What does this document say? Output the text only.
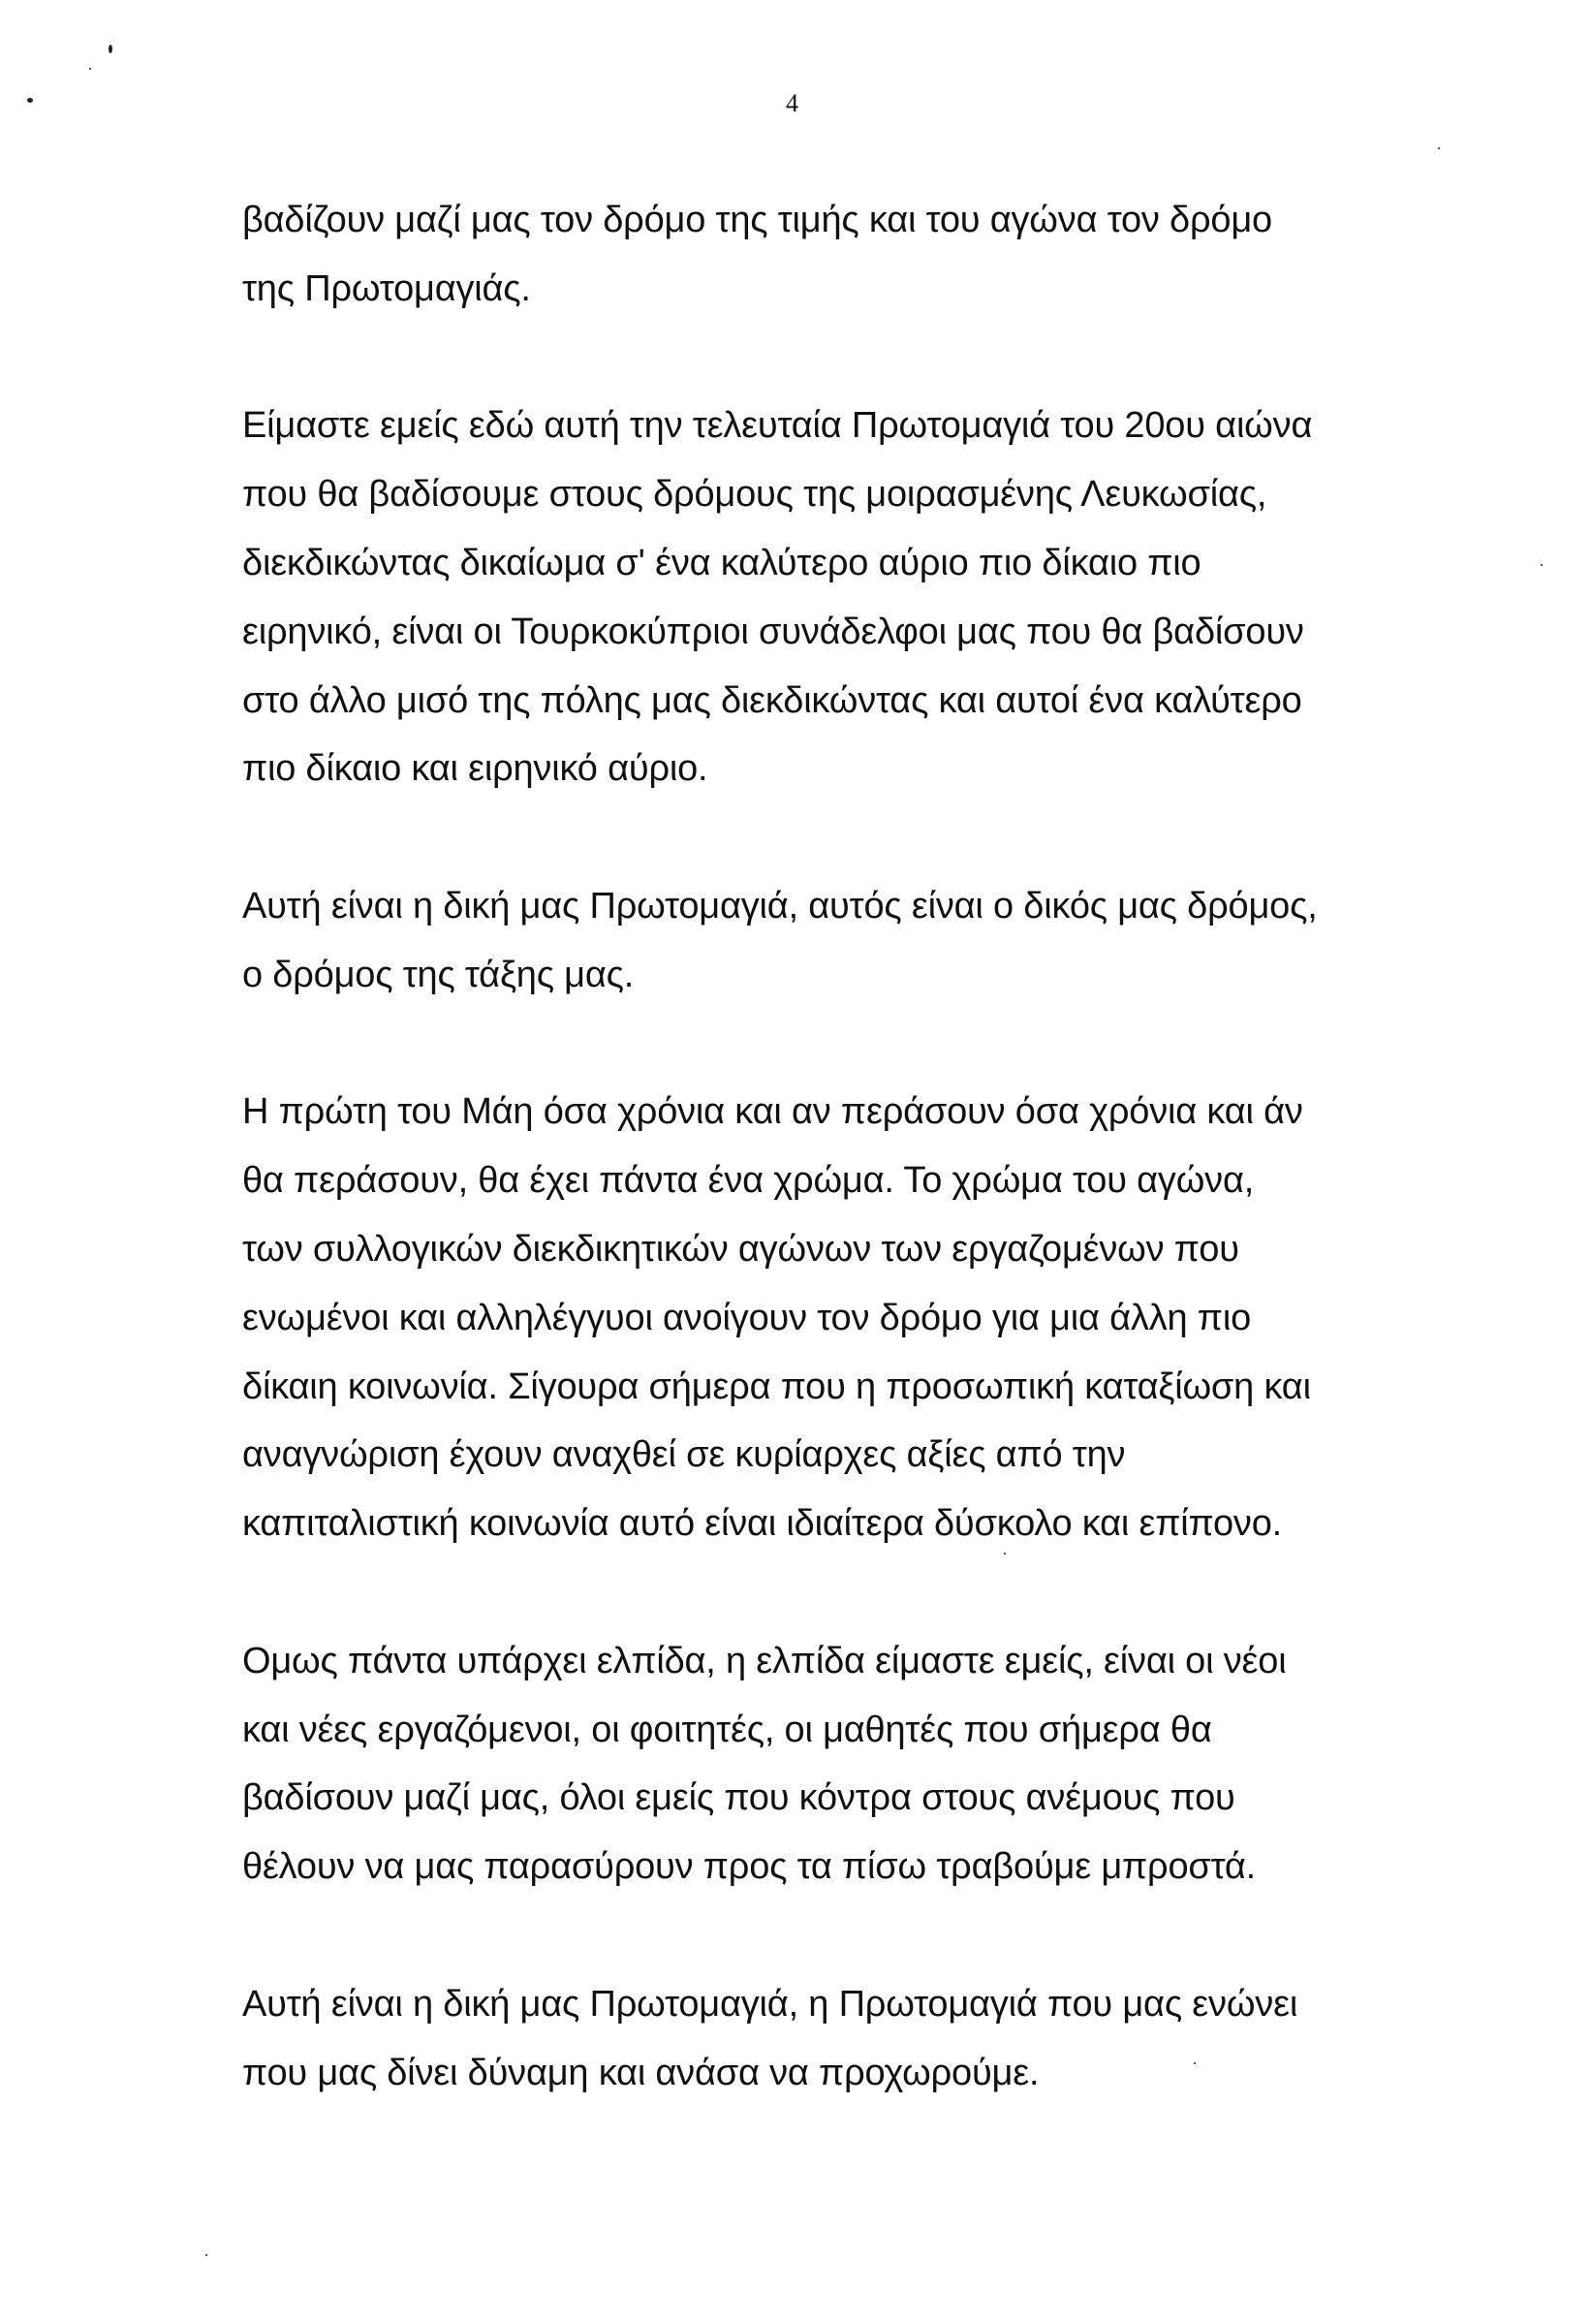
4
βαδίζουν μαζί μας τον δρόμο της τιμής και του αγώνα τον δρόμο
της Πρωτομαγιάς.
Είμαστε εμείς εδώ αυτή την τελευταία Πρωτομαγιά του 20ου αιώνα
που θα βαδίσουμε στους δρόμους της μοιρασμένης Λευκωσίας,
διεκδικώντας δικαίωμα σ' ένα καλύτερο αύριο πιο δίκαιο πιο
ειρηνικό, είναι οι Τουρκοκύπριοι συνάδελφοι μας που θα βαδίσουν
στο άλλο μισό της πόλης μας διεκδικώντας και αυτοί ένα καλύτερο
πιο δίκαιο και ειρηνικό αύριο.
Αυτή είναι η δική μας Πρωτομαγιά, αυτός είναι ο δικός μας δρόμος,
ο δρόμος της τάξης μας.
Η πρώτη του Μάη όσα χρόνια και αν περάσουν όσα χρόνια και άν
θα περάσουν, θα έχει πάντα ένα χρώμα. Το χρώμα του αγώνα,
των συλλογικών διεκδικητικών αγώνων των εργαζομένων που
ενωμένοι και αλληλέγγυοι ανοίγουν τον δρόμο για μια άλλη πιο
δίκαιη κοινωνία. Σίγουρα σήμερα που η προσωπική καταξίωση και
αναγνώριση έχουν αναχθεί σε κυρίαρχες αξίες από την
καπιταλιστική κοινωνία αυτό είναι ιδιαίτερα δύσκολο και επίπονο.
Ομως πάντα υπάρχει ελπίδα, η ελπίδα είμαστε εμείς, είναι οι νέοι
και νέες εργαζόμενοι, οι φοιτητές, οι μαθητές που σήμερα θα
βαδίσουν μαζί μας, όλοι εμείς που κόντρα στους ανέμους που
θέλουν να μας παρασύρουν προς τα πίσω τραβούμε μπροστά.
Αυτή είναι η δική μας Πρωτομαγιά, η Πρωτομαγιά που μας ενώνει
που μας δίνει δύναμη και ανάσα να προχωρούμε.
